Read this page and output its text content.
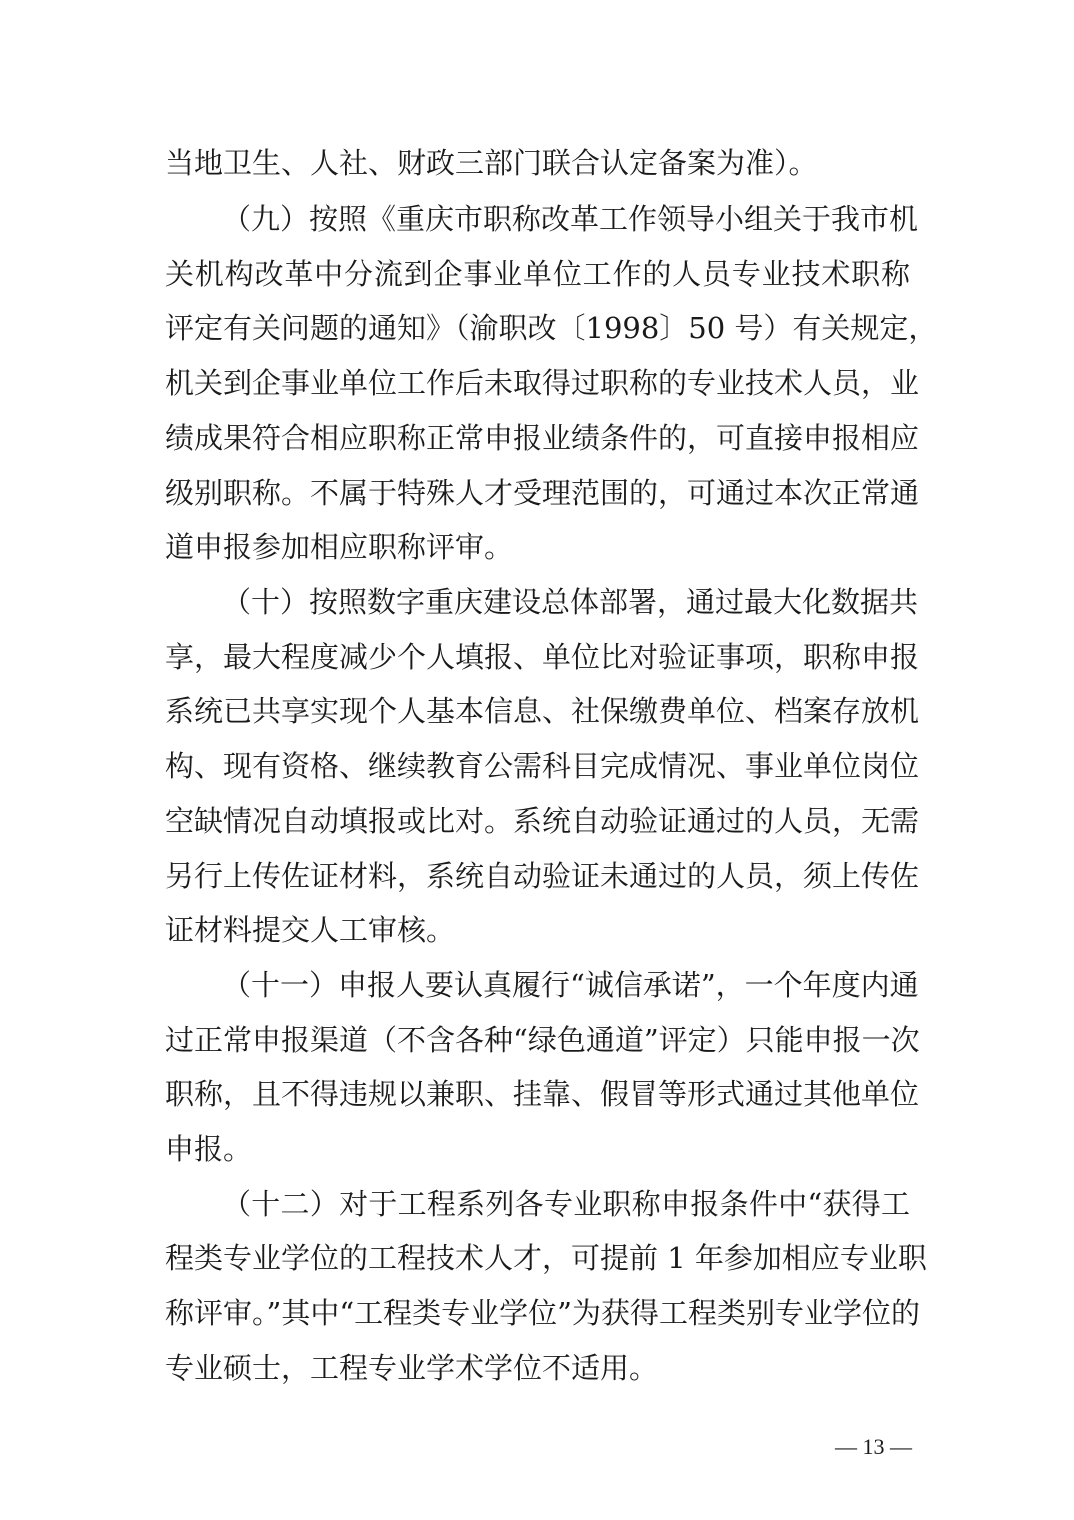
当地卫生、人社、财政三部门联合认定备案为准）。
（九）按照《重庆市职称改革工作领导小组关于我市机
关机构改革中分流到企事业单位工作的人员专业技术职称
评定有关问题的通知》（渝职改〔1998〕50 号）有关规定，
机关到企事业单位工作后未取得过职称的专业技术人员，业
绩成果符合相应职称正常申报业绩条件的，可直接申报相应
级别职称。不属于特殊人才受理范围的，可通过本次正常通
道申报参加相应职称评审。
（十）按照数字重庆建设总体部署，通过最大化数据共
享，最大程度减少个人填报、单位比对验证事项，职称申报
系统已共享实现个人基本信息、社保缴费单位、档案存放机
构、现有资格、继续教育公需科目完成情况、事业单位岗位
空缺情况自动填报或比对。系统自动验证通过的人员，无需
另行上传佐证材料，系统自动验证未通过的人员，须上传佐
证材料提交人工审核。
（十一）申报人要认真履行“诚信承诺”，一个年度内通
过正常申报渠道（不含各种“绿色通道”评定）只能申报一次
职称，且不得违规以兼职、挂靠、假冒等形式通过其他单位
申报。
（十二）对于工程系列各专业职称申报条件中“获得工
程类专业学位的工程技术人才，可提前 1 年参加相应专业职
称评审。”其中“工程类专业学位”为获得工程类别专业学位的
专业硕士，工程专业学术学位不适用。
— 13 —
